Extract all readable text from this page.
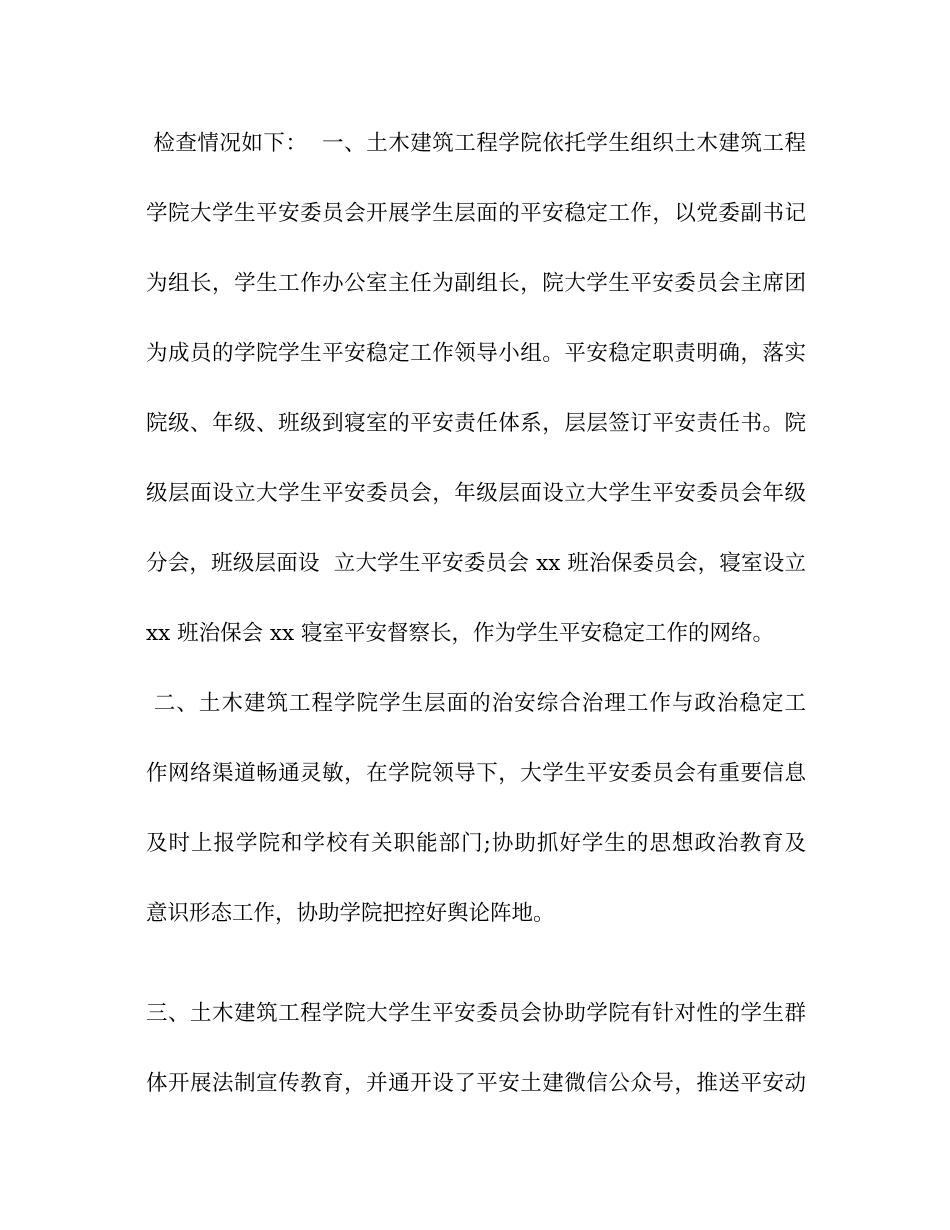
检查情况如下：  一、土木建筑工程学院依托学生组织土木建筑工程
学院大学生平安委员会开展学生层面的平安稳定工作，以党委副书记
为组长，学生工作办公室主任为副组长，院大学生平安委员会主席团
为成员的学院学生平安稳定工作领导小组。平安稳定职责明确，落实
院级、年级、班级到寝室的平安责任体系，层层签订平安责任书。院
级层面设立大学生平安委员会，年级层面设立大学生平安委员会年级
分会，班级层面设  立大学生平安委员会 xx 班治保委员会，寝室设立
xx 班治保会 xx 寝室平安督察长，作为学生平安稳定工作的网络。
二、土木建筑工程学院学生层面的治安综合治理工作与政治稳定工
作网络渠道畅通灵敏，在学院领导下，大学生平安委员会有重要信息
及时上报学院和学校有关职能部门;协助抓好学生的思想政治教育及
意识形态工作，协助学院把控好舆论阵地。
三、土木建筑工程学院大学生平安委员会协助学院有针对性的学生群
体开展法制宣传教育，并通开设了平安土建微信公众号，推送平安动
